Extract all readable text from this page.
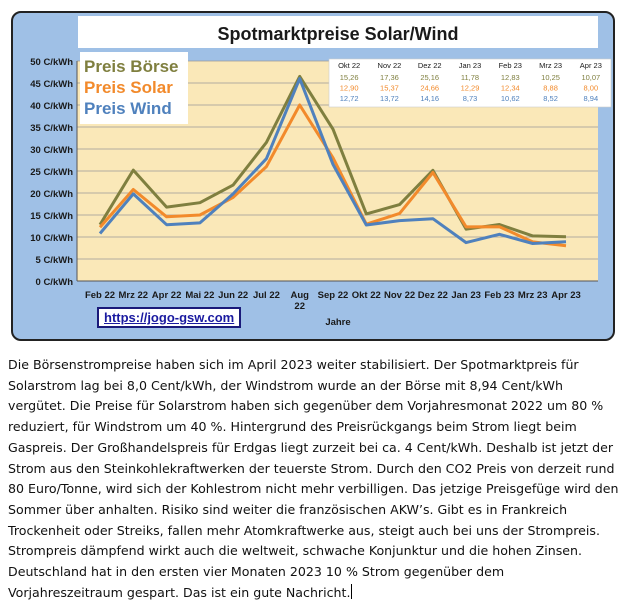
Spotmarktpreise Solar/Wind
0 C/kWh
5 C/kWh
10 C/kWh
15 C/kWh
20 C/kWh
25 C/kWh
30 C/kWh
35 C/kWh
40 C/kWh
45 C/kWh
50 C/kWh
Feb 22 Mrz 22 Apr 22 Mai 22 Jun 22 Jul 22 Aug
22
Sep 22 Okt 22 Nov 22 Dez 22 Jan 23 Feb 23 Mrz 23 Apr 23
Jahre
Preis Börse
Preis Solar
Preis Wind
Okt 22 Nov 22 Dez 22 Jan 23 Feb 23 Mrz 23 Apr 23
15,26	17,36	25,16	11,78	12,83	10,25	10,07
12,90	15,37	24,66	12,29	12,34	8,88	8,00
12,72	13,72	14,16	8,73	10,62	8,52	8,94
https://jogo-gsw.com

Die Börsenstrompreise haben sich im April 2023 weiter stabilisiert. Der Spotmarktpreis für Solarstrom lag bei 8,0 Cent/kWh, der Windstrom wurde an der Börse mit 8,94 Cent/kWh vergütet. Die Preise für Solarstrom haben sich gegenüber dem Vorjahresmonat 2022 um 80 % reduziert, für Windstrom um 40 %. Hintergrund des Preisrückgangs beim Strom liegt beim Gaspreis. Der Großhandelspreis für Erdgas liegt zurzeit bei ca. 4 Cent/kWh. Deshalb ist jetzt der Strom aus den Steinkohlekraftwerken der teuerste Strom. Durch den CO2 Preis von derzeit rund 80 Euro/Tonne, wird sich der Kohlestrom nicht mehr verbilligen. Das jetzige Preisgefüge wird den Sommer über anhalten. Risiko sind weiter die französischen AKW’s. Gibt es in Frankreich Trockenheit oder Streiks, fallen mehr Atomkraftwerke aus, steigt auch bei uns der Strompreis. Strompreis dämpfend wirkt auch die weltweit, schwache Konjunktur und die hohen Zinsen. Deutschland hat in den ersten vier Monaten 2023 10 % Strom gegenüber dem Vorjahreszeitraum gespart. Das ist ein gute Nachricht.
